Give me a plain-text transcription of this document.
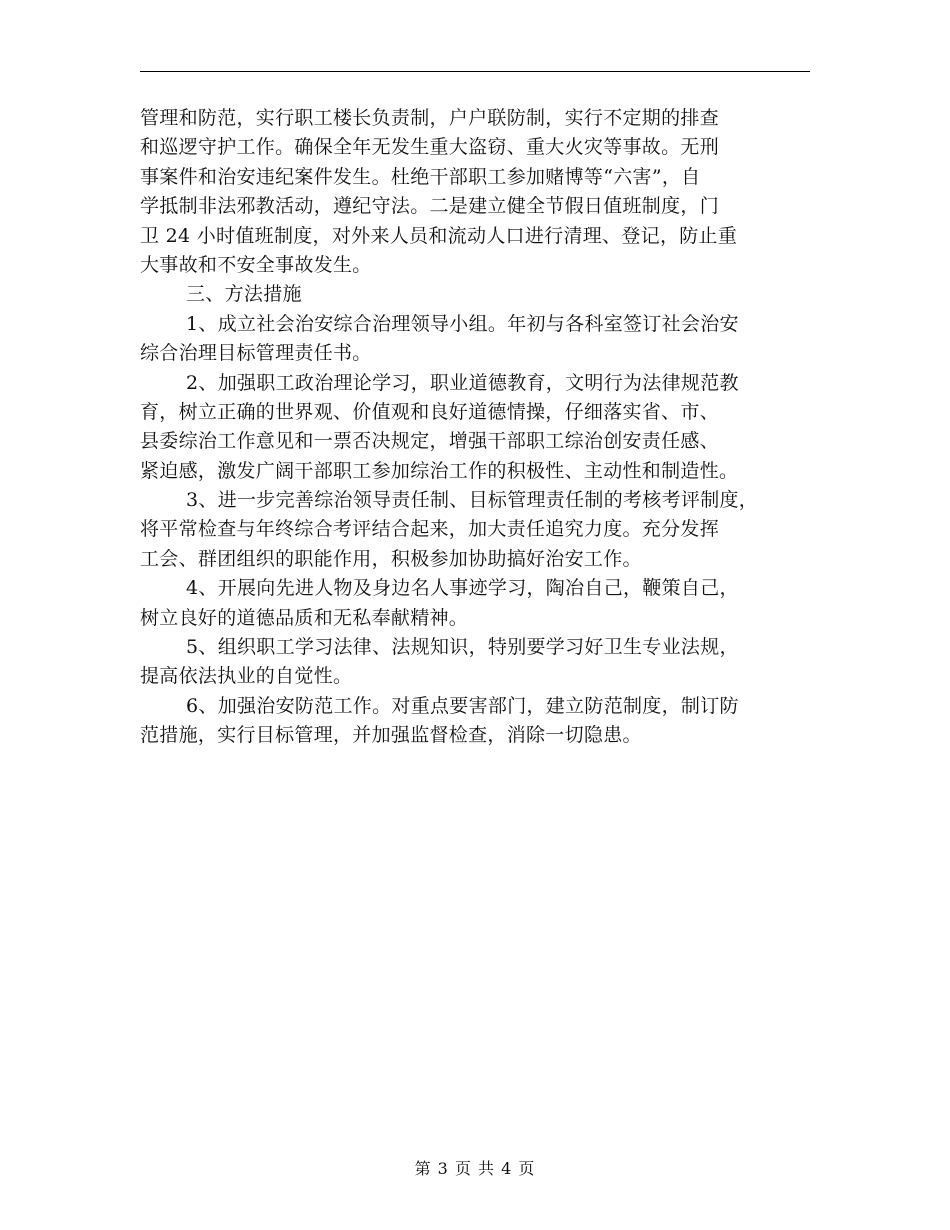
管理和防范，实行职工楼长负责制，户户联防制，实行不定期的排查
和巡逻守护工作。确保全年无发生重大盗窃、重大火灾等事故。无刑
事案件和治安违纪案件发生。杜绝干部职工参加赌博等“六害”，自
学抵制非法邪教活动，遵纪守法。二是建立健全节假日值班制度，门
卫 24 小时值班制度，对外来人员和流动人口进行清理、登记，防止重
大事故和不安全事故发生。
三、方法措施
1、成立社会治安综合治理领导小组。年初与各科室签订社会治安
综合治理目标管理责任书。
2、加强职工政治理论学习，职业道德教育，文明行为法律规范教
育，树立正确的世界观、价值观和良好道德情操，仔细落实省、市、
县委综治工作意见和一票否决规定，增强干部职工综治创安责任感、
紧迫感，激发广阔干部职工参加综治工作的积极性、主动性和制造性。
3、进一步完善综治领导责任制、目标管理责任制的考核考评制度，
将平常检查与年终综合考评结合起来，加大责任追究力度。充分发挥
工会、群团组织的职能作用，积极参加协助搞好治安工作。
4、开展向先进人物及身边名人事迹学习，陶冶自己，鞭策自己，
树立良好的道德品质和无私奉献精神。
5、组织职工学习法律、法规知识，特别要学习好卫生专业法规，
提高依法执业的自觉性。
6、加强治安防范工作。对重点要害部门，建立防范制度，制订防
范措施，实行目标管理，并加强监督检查，消除一切隐患。
第 3 页 共 4 页
